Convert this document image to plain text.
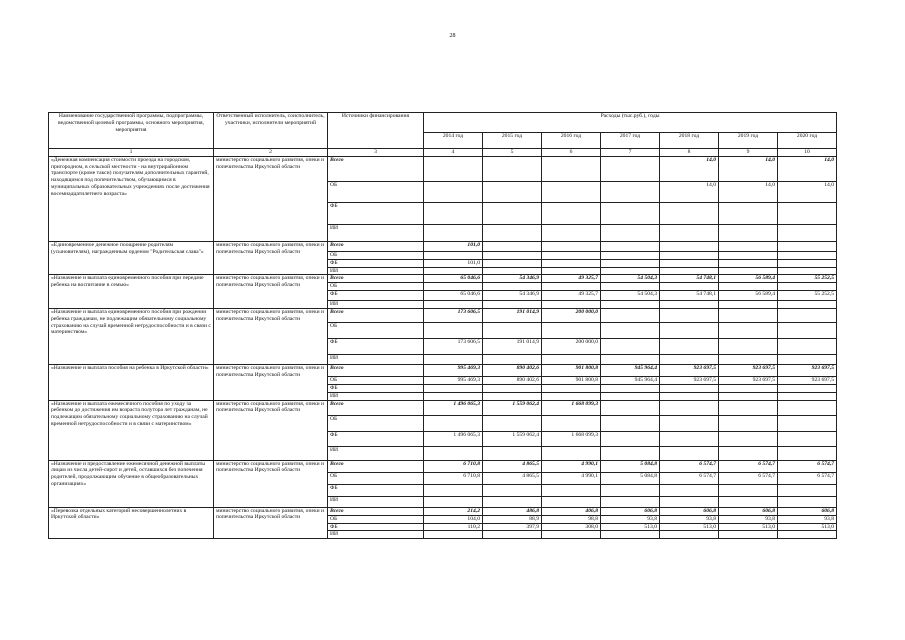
28
Наименование государственной программы, подпрограммы, ведомственной целевой программы, основного мероприятия, мероприятия	Ответственный исполнитель, соисполнитель, участники, исполнители мероприятий	Источники финансирования	Расходы (тыс.руб.), годы						
			2014 год	2015 год	2016 год	2017 год	2018 год	2019 год	2020 год
1	2	3	4	5	6	7	8	9	10
«Денежная компенсация стоимости проезда на городском, пригородном, в сельской местности - на внутрирайонном транспорте (кроме такси) получателям дополнительных гарантий, находящимся под попечительством, обучающимся в муниципальных образовательных учреждениях после достижения восемнадцатилетнего возраста»	министерство социального развития, опеки и попечительства Иркутской области	Всего					14,0	14,0	14,0
		ОБ					14,0	14,0	14,0
		ФБ							
		ИИ							
«Единовременное денежное поощрение родителям (усыновителям), награжденным орденом "Родительская слава"»	министерство социального развития, опеки и попечительства Иркутской области	Всего	101,0						
		ОБ							
		ФБ	101,0						
		ИИ							
«Назначение и выплата единовременного пособия при передаче ребенка на воспитание в семью»	министерство социального развития, опеки и попечительства Иркутской области	Всего	65 046,6	54 346,9	49 325,7	54 504,3	54 748,1	56 589,4	55 252,5
		ОБ							
		ФБ	65 046,6	54 346,9	49 325,7	54 504,3	54 748,1	56 589,4	55 252,5
		ИИ							
«Назначение и выплата единовременного пособия при рождении ребенка гражданам, не подлежащим обязательному социальному страхованию на случай временной нетрудоспособности и в связи с материнством»	министерство социального развития, опеки и попечительства Иркутской области	Всего	173 606,5	191 014,9	200 000,0				
		ОБ							
		ФБ	173 606,5	191 014,9	200 000,0				
		ИИ							
«Назначение и выплата пособия на ребенка в Иркутской области»	министерство социального развития, опеки и попечительства Иркутской области	Всего	995 469,3	890 402,6	901 800,8	945 964,4	923 697,5	923 697,5	923 697,5
		ОБ	995 469,3	890 402,6	901 800,8	945 964,4	923 697,5	923 697,5	923 697,5
		ФБ							
		ИИ							
«Назначение и выплата ежемесячного пособия по уходу за ребенком до достижения им возраста полутора лет гражданам, не подлежащим обязательному социальному страхованию на случай временной нетрудоспособности и в связи с материнством»	министерство социального развития, опеки и попечительства Иркутской области	Всего	1 496 065,3	1 559 062,4	1 668 099,3				
		ОБ							
		ФБ	1 496 065,3	1 559 062,4	1 668 099,3				
		ИИ							
«Назначение и предоставление ежемесячной денежной выплаты лицам из числа детей-сирот и детей, оставшихся без попечения родителей, продолжающим обучение в общеобразовательных организациях»	министерство социального развития, опеки и попечительства Иркутской области	Всего	6 710,8	4 865,5	4 990,1	5 084,8	6 574,7	6 574,7	6 574,7
		ОБ	6 710,8	4 865,5	4 990,1	5 084,8	6 574,7	6 574,7	6 574,7
		ФБ							
		ИИ							
«Перевозка отдельных категорий несовершеннолетних в Иркутской области»	министерство социального развития, опеки и попечительства Иркутской области	Всего	214,2	486,8	406,8	606,8	606,8	606,8	606,8
		ОБ	104,0	88,9	98,8	93,8	93,8	93,8	93,8
		ФБ	110,2	397,9	308,0	513,0	513,0	513,0	513,0
		ИИ							
